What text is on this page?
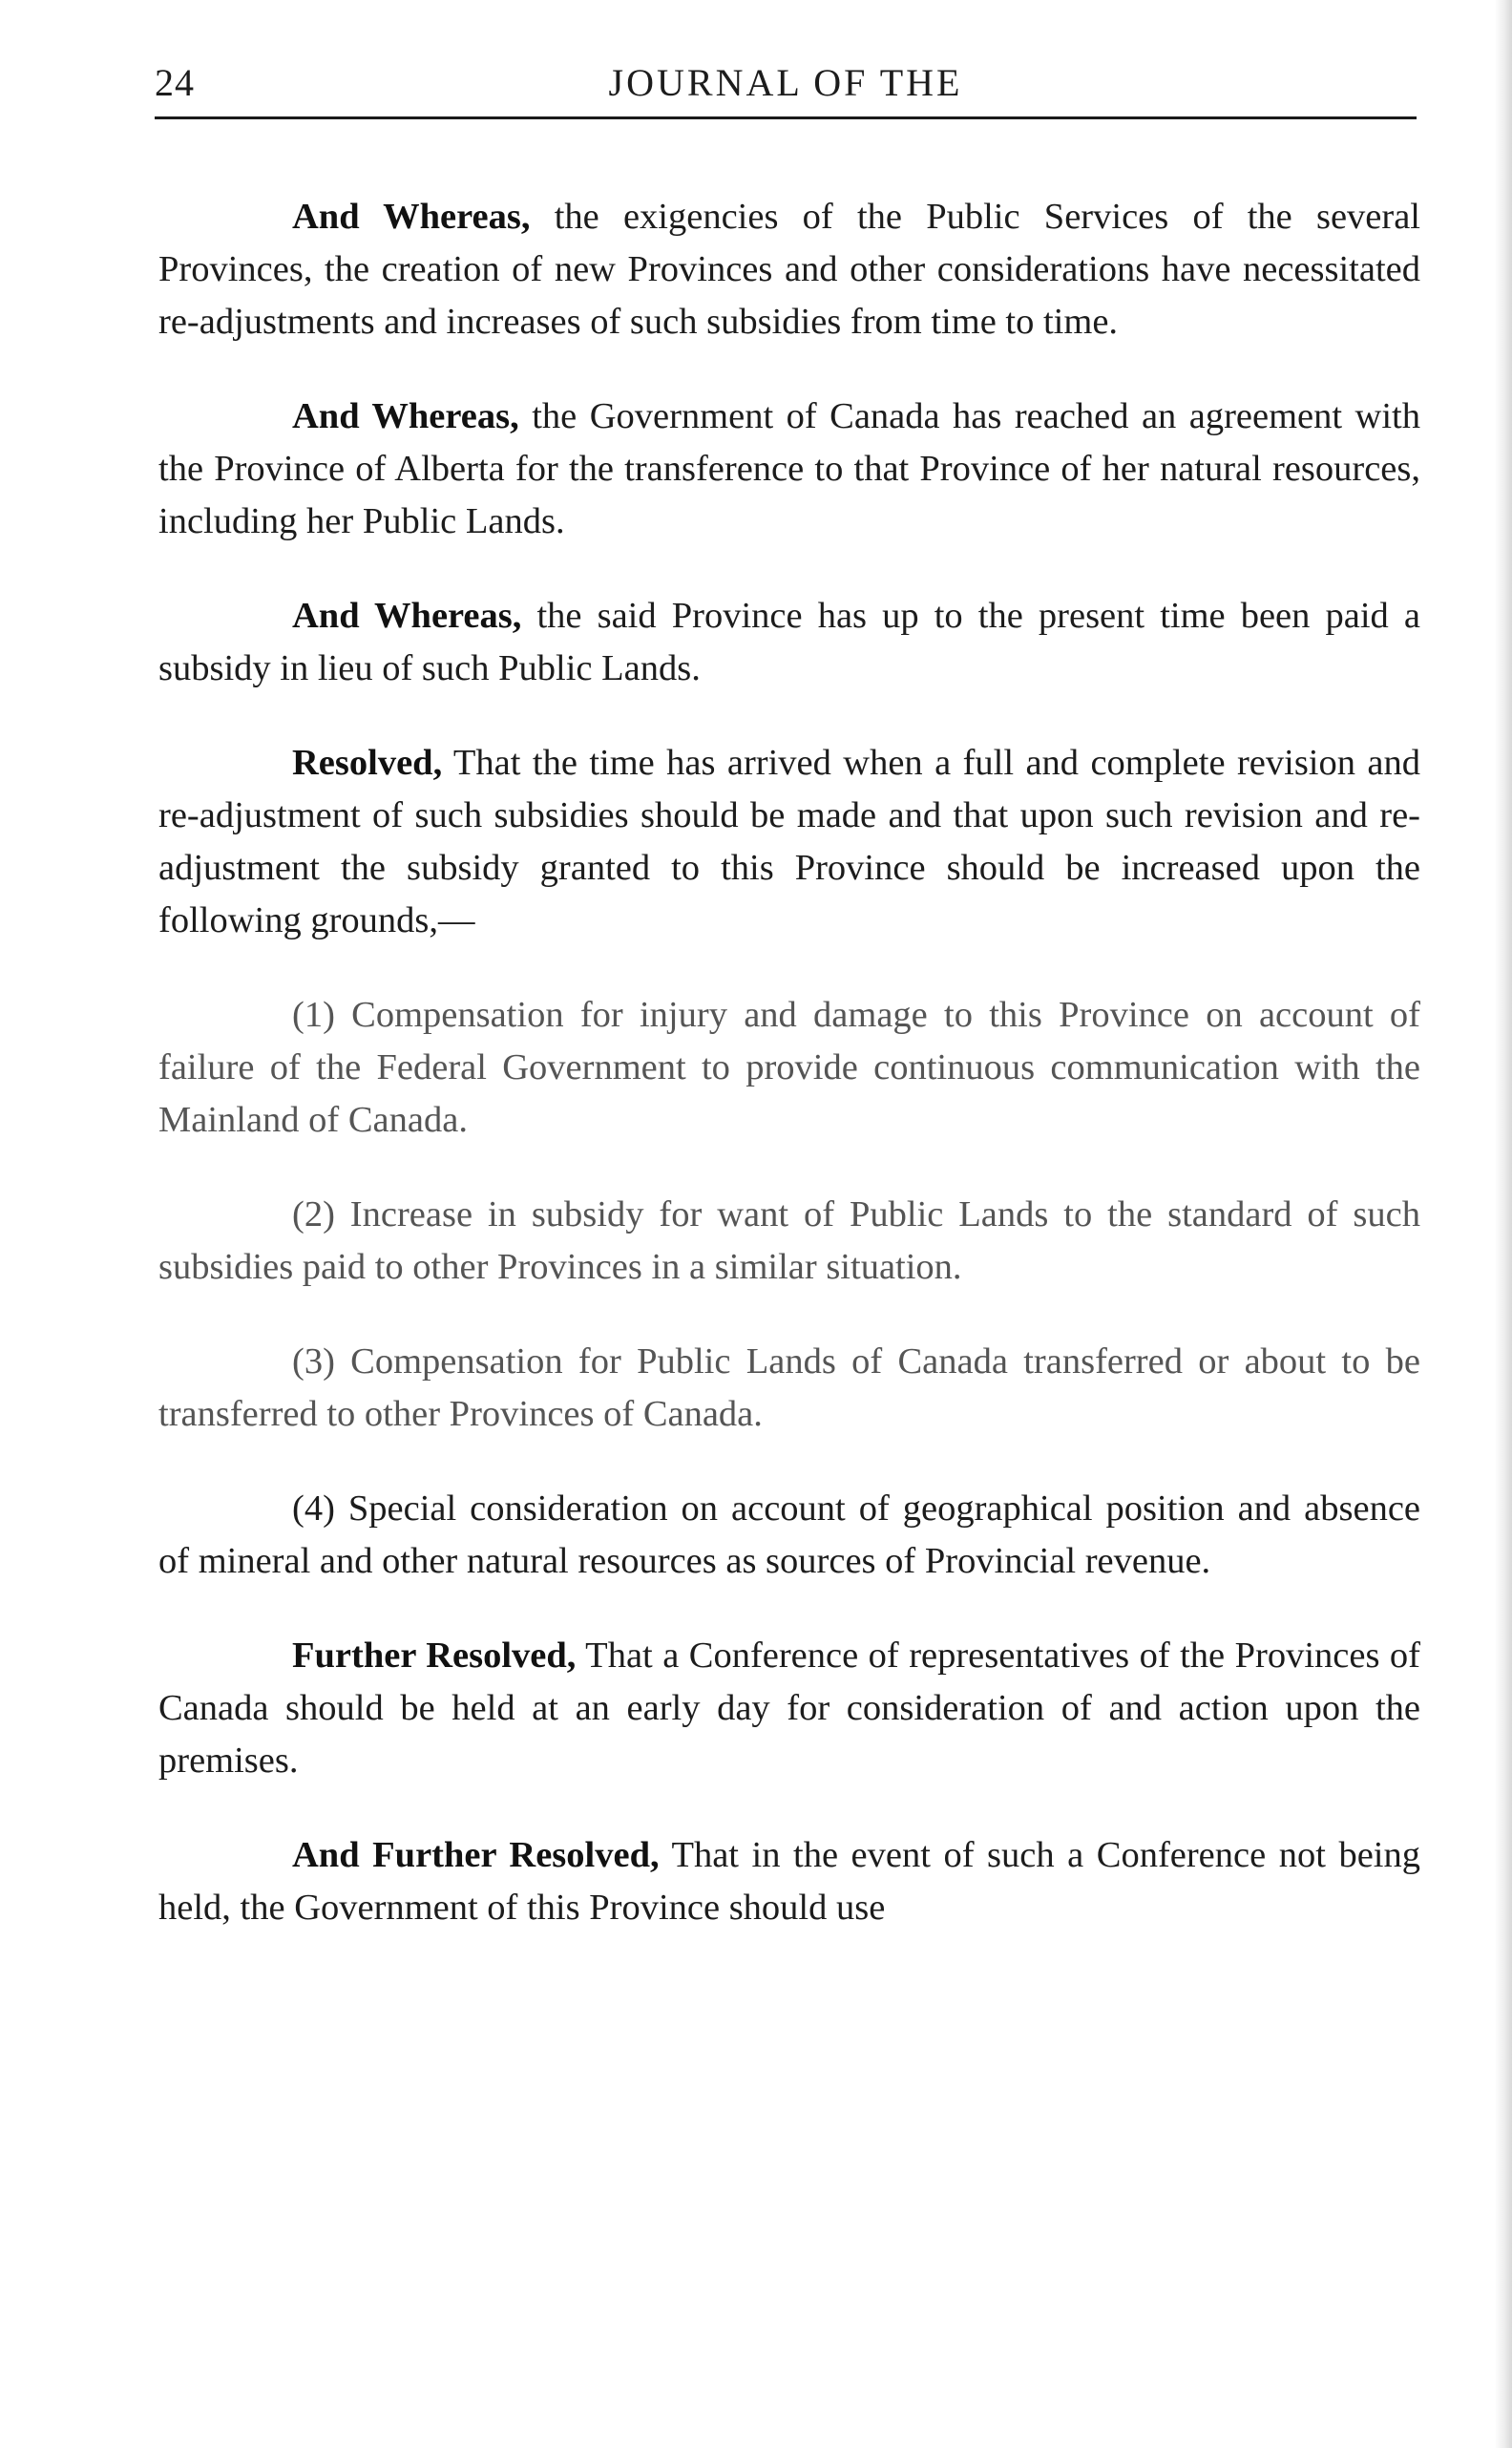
24	JOURNAL OF THE

And Whereas, the exigencies of the Public Services of the several Provinces, the creation of new Provinces and other considerations have necessitated re-adjustments and increases of such subsidies from time to time.

And Whereas, the Government of Canada has reached an agreement with the Province of Alberta for the transference to that Province of her natural resources, including her Public Lands.

And Whereas, the said Province has up to the present time been paid a subsidy in lieu of such Public Lands.

Resolved, That the time has arrived when a full and complete revision and re-adjustment of such subsidies should be made and that upon such revision and re-adjustment the subsidy granted to this Province should be increased upon the following grounds,—

(1) Compensation for injury and damage to this Province on account of failure of the Federal Government to provide continuous communication with the Mainland of Canada.

(2) Increase in subsidy for want of Public Lands to the standard of such subsidies paid to other Provinces in a similar situation.

(3) Compensation for Public Lands of Canada transferred or about to be transferred to other Provinces of Canada.

(4) Special consideration on account of geographical position and absence of mineral and other natural resources as sources of Provincial revenue.

Further Resolved, That a Conference of representatives of the Provinces of Canada should be held at an early day for consideration of and action upon the premises.

And Further Resolved, That in the event of such a Conference not being held, the Government of this Province should use
